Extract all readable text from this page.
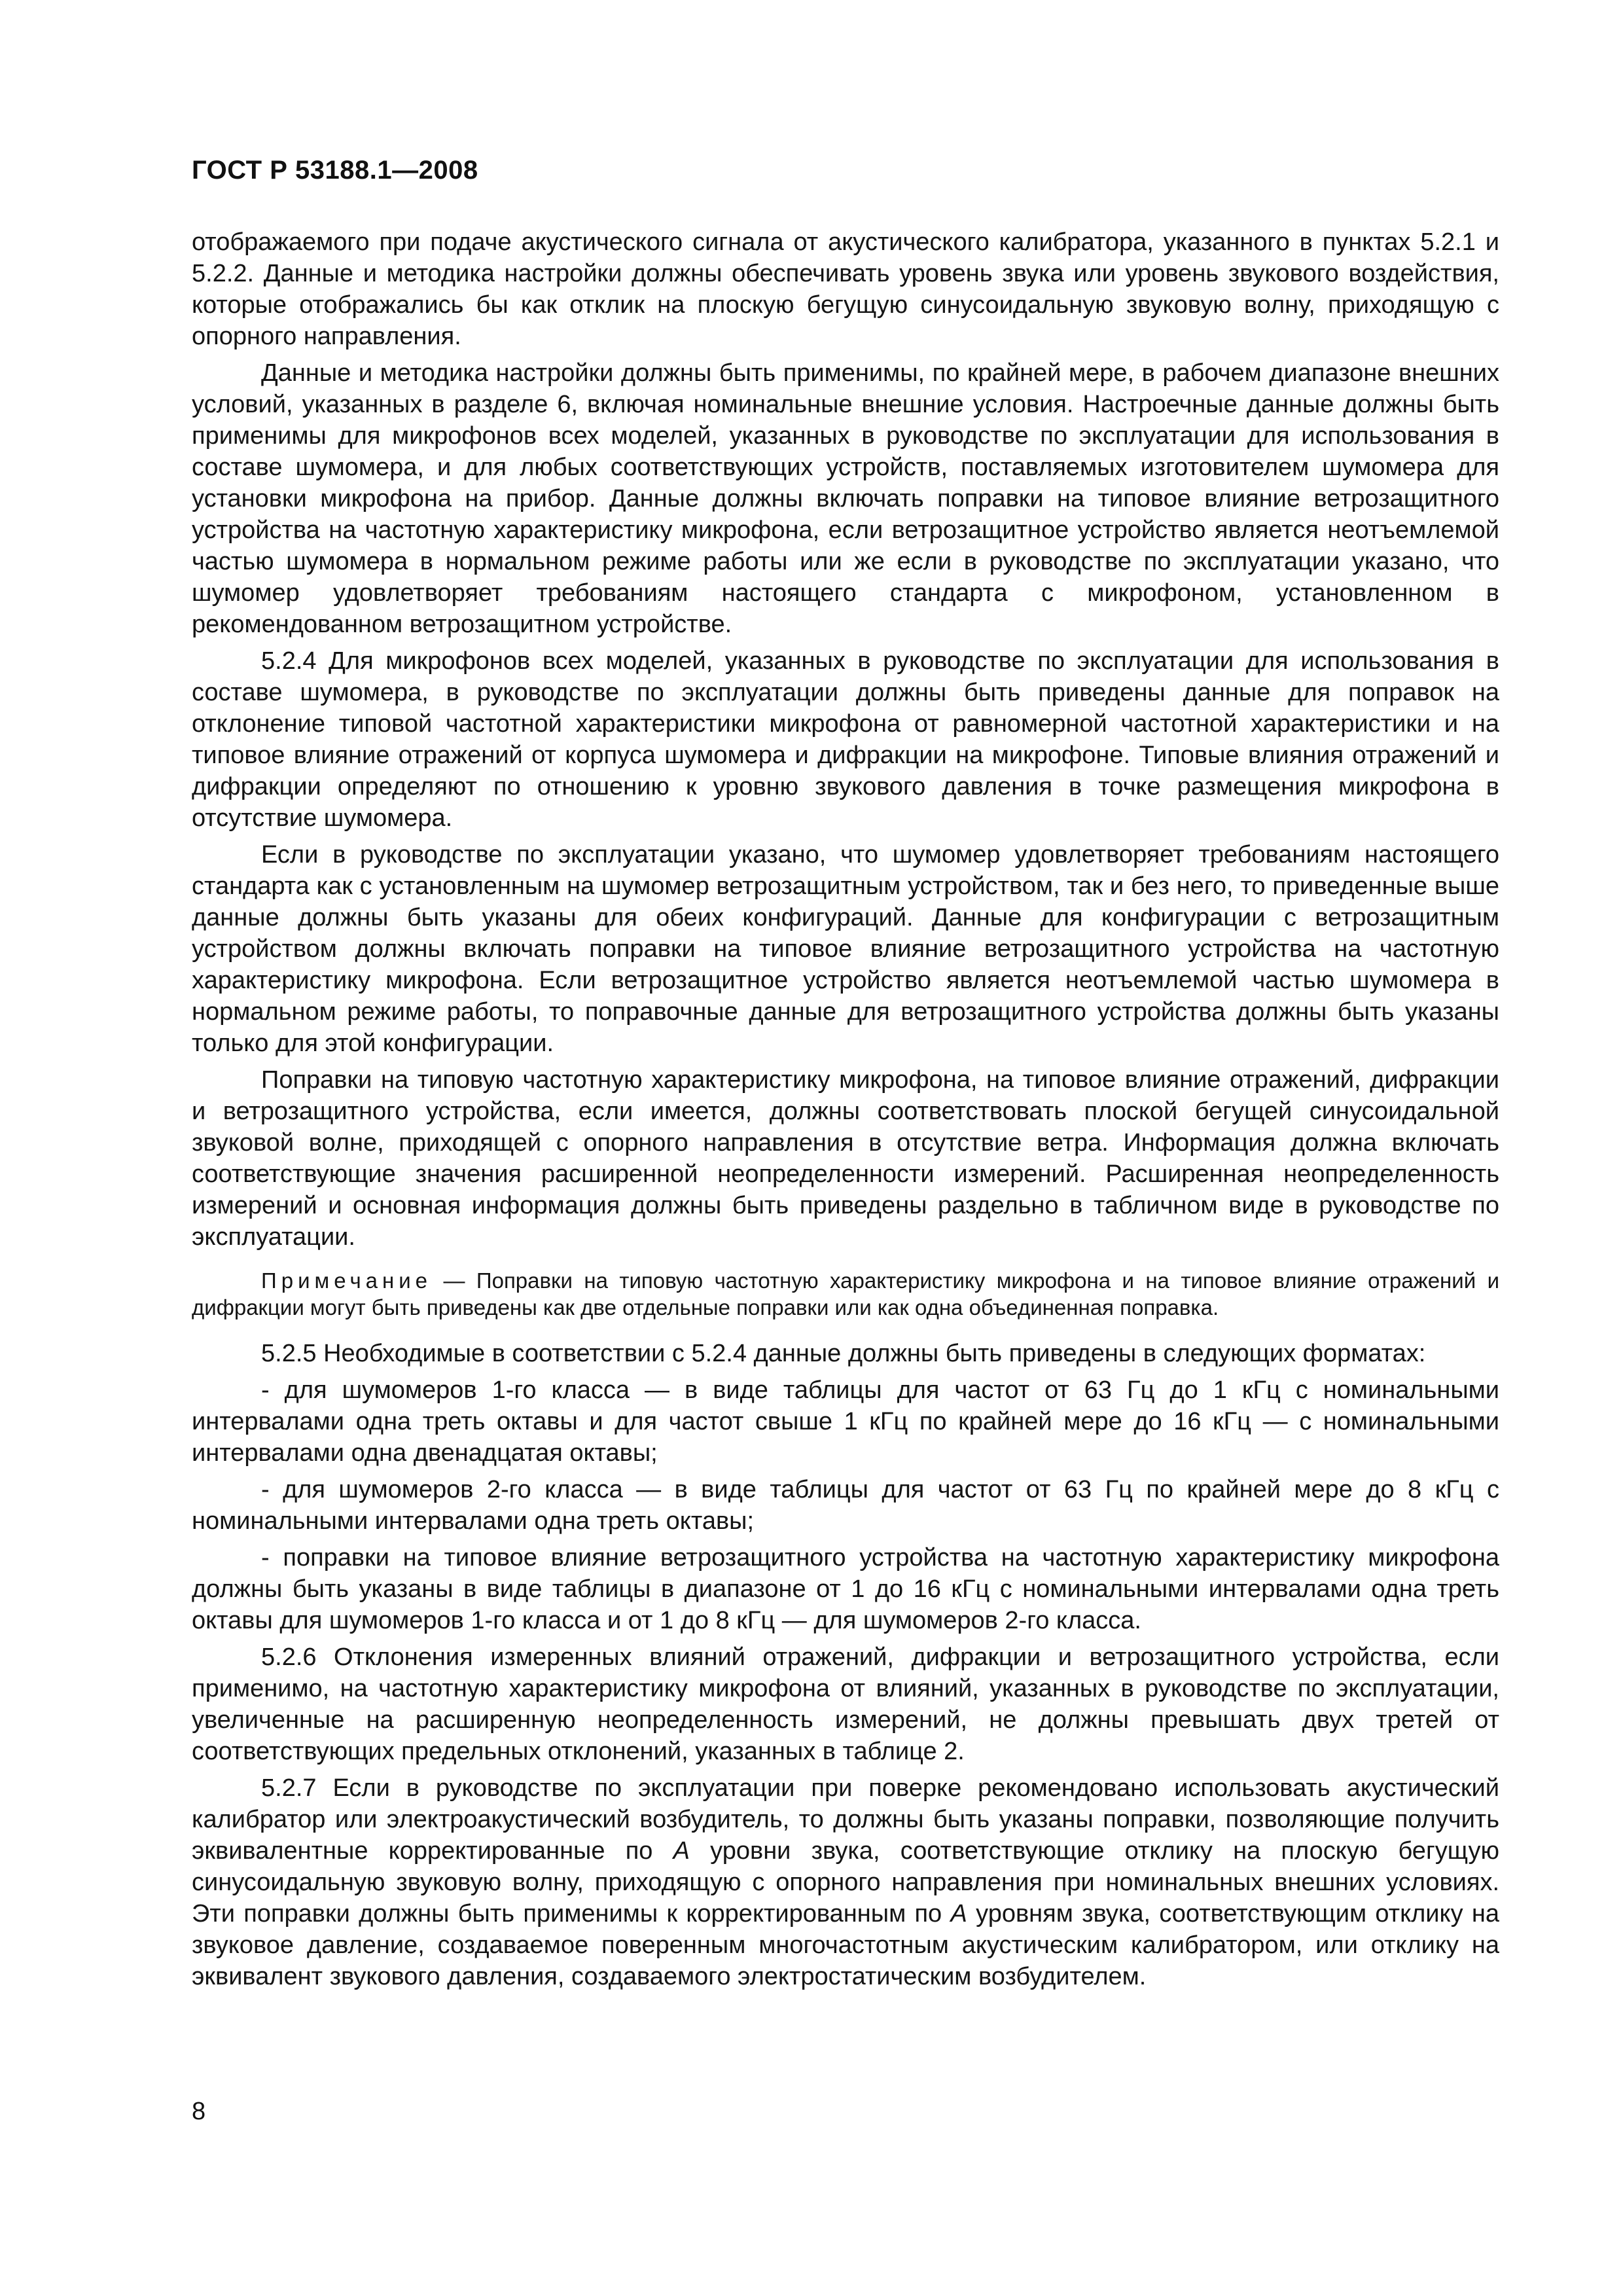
ГОСТ Р 53188.1—2008

отображаемого при подаче акустического сигнала от акустического калибратора, указанного в пунктах 5.2.1 и 5.2.2. Данные и методика настройки должны обеспечивать уровень звука или уровень звукового воздействия, которые отображались бы как отклик на плоскую бегущую синусоидальную звуковую волну, приходящую с опорного направления.

Данные и методика настройки должны быть применимы, по крайней мере, в рабочем диапазоне внешних условий, указанных в разделе 6, включая номинальные внешние условия. Настроечные данные должны быть применимы для микрофонов всех моделей, указанных в руководстве по эксплуатации для использования в составе шумомера, и для любых соответствующих устройств, поставляемых изготовителем шумомера для установки микрофона на прибор. Данные должны включать поправки на типовое влияние ветрозащитного устройства на частотную характеристику микрофона, если ветрозащитное устройство является неотъемлемой частью шумомера в нормальном режиме работы или же если в руководстве по эксплуатации указано, что шумомер удовлетворяет требованиям настоящего стандарта с микрофоном, установленном в рекомендованном ветрозащитном устройстве.

5.2.4 Для микрофонов всех моделей, указанных в руководстве по эксплуатации для использования в составе шумомера, в руководстве по эксплуатации должны быть приведены данные для поправок на отклонение типовой частотной характеристики микрофона от равномерной частотной характеристики и на типовое влияние отражений от корпуса шумомера и дифракции на микрофоне. Типовые влияния отражений и дифракции определяют по отношению к уровню звукового давления в точке размещения микрофона в отсутствие шумомера.

Если в руководстве по эксплуатации указано, что шумомер удовлетворяет требованиям настоящего стандарта как с установленным на шумомер ветрозащитным устройством, так и без него, то приведенные выше данные должны быть указаны для обеих конфигураций. Данные для конфигурации с ветрозащитным устройством должны включать поправки на типовое влияние ветрозащитного устройства на частотную характеристику микрофона. Если ветрозащитное устройство является неотъемлемой частью шумомера в нормальном режиме работы, то поправочные данные для ветрозащитного устройства должны быть указаны только для этой конфигурации.

Поправки на типовую частотную характеристику микрофона, на типовое влияние отражений, дифракции и ветрозащитного устройства, если имеется, должны соответствовать плоской бегущей синусоидальной звуковой волне, приходящей с опорного направления в отсутствие ветра. Информация должна включать соответствующие значения расширенной неопределенности измерений. Расширенная неопределенность измерений и основная информация должны быть приведены раздельно в табличном виде в руководстве по эксплуатации.

Примечание — Поправки на типовую частотную характеристику микрофона и на типовое влияние отражений и дифракции могут быть приведены как две отдельные поправки или как одна объединенная поправка.

5.2.5 Необходимые в соответствии с 5.2.4 данные должны быть приведены в следующих форматах:

- для шумомеров 1-го класса — в виде таблицы для частот от 63 Гц до 1 кГц с номинальными интервалами одна треть октавы и для частот свыше 1 кГц по крайней мере до 16 кГц — с номинальными интервалами одна двенадцатая октавы;

- для шумомеров 2-го класса — в виде таблицы для частот от 63 Гц по крайней мере до 8 кГц с номинальными интервалами одна треть октавы;

- поправки на типовое влияние ветрозащитного устройства на частотную характеристику микрофона должны быть указаны в виде таблицы в диапазоне от 1 до 16 кГц с номинальными интервалами одна треть октавы для шумомеров 1-го класса и от 1 до 8 кГц — для шумомеров 2-го класса.

5.2.6 Отклонения измеренных влияний отражений, дифракции и ветрозащитного устройства, если применимо, на частотную характеристику микрофона от влияний, указанных в руководстве по эксплуатации, увеличенные на расширенную неопределенность измерений, не должны превышать двух третей от соответствующих предельных отклонений, указанных в таблице 2.

5.2.7 Если в руководстве по эксплуатации при поверке рекомендовано использовать акустический калибратор или электроакустический возбудитель, то должны быть указаны поправки, позволяющие получить эквивалентные корректированные по A уровни звука, соответствующие отклику на плоскую бегущую синусоидальную звуковую волну, приходящую с опорного направления при номинальных внешних условиях. Эти поправки должны быть применимы к корректированным по A уровням звука, соответствующим отклику на звуковое давление, создаваемое поверенным многочастотным акустическим калибратором, или отклику на эквивалент звукового давления, создаваемого электростатическим возбудителем.

8
